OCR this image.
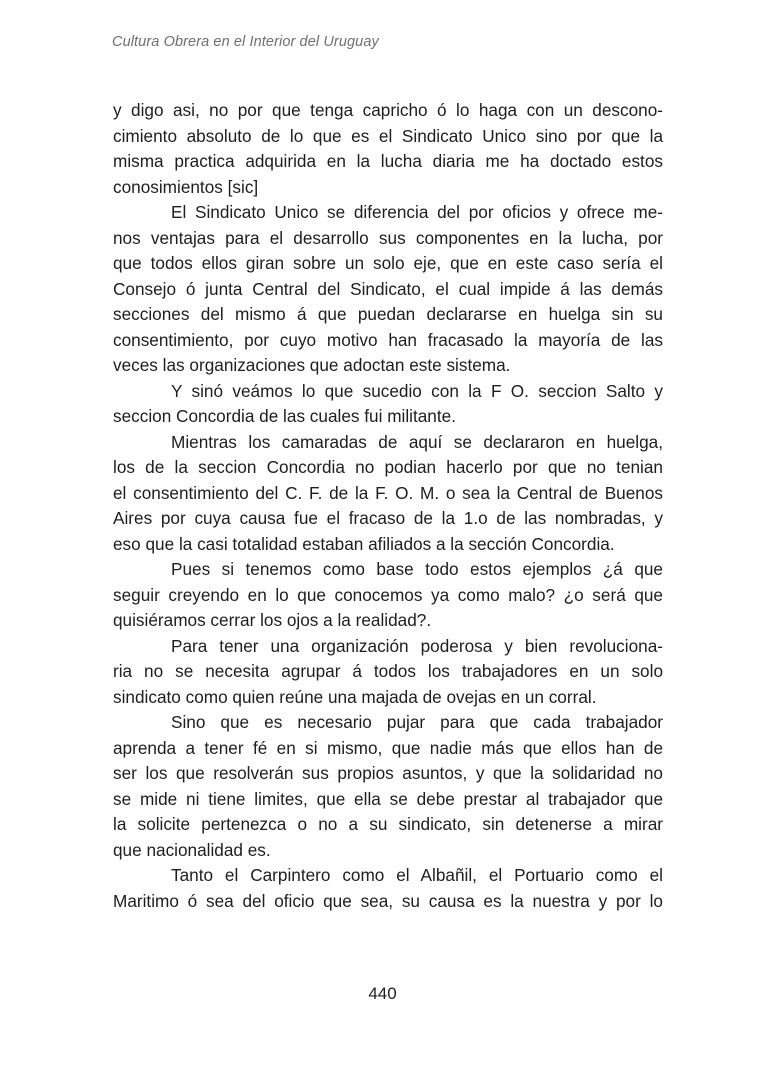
Cultura Obrera en el Interior del Uruguay
y digo asi, no por que tenga capricho ó lo haga con un descono-
cimiento absoluto de lo que es el Sindicato Unico sino por que la
misma practica adquirida en la lucha diaria me ha doctado estos
conosimientos [sic]
El Sindicato Unico se diferencia del por oficios y ofrece me-
nos ventajas para el desarrollo sus componentes en la lucha, por
que todos ellos giran sobre un solo eje, que en este caso sería el
Consejo ó junta Central del Sindicato, el cual impide á las demás
secciones del mismo á que puedan declararse en huelga sin su
consentimiento, por cuyo motivo han fracasado la mayoría de las
veces las organizaciones que adoctan este sistema.
Y sinó veámos lo que sucedio con la F O. seccion Salto y
seccion Concordia de las cuales fui militante.
Mientras los camaradas de aquí se declararon en huelga,
los de la seccion Concordia no podian hacerlo por que no tenian
el consentimiento del C. F. de la F. O. M. o sea la Central de Buenos
Aires por cuya causa fue el fracaso de la 1.o de las nombradas, y
eso que la casi totalidad estaban afiliados a la sección Concordia.
Pues si tenemos como base todo estos ejemplos ¿á que
seguir creyendo en lo que conocemos ya como malo? ¿o será que
quisiéramos cerrar los ojos a la realidad?.
Para tener una organización poderosa y bien revoluciona-
ria no se necesita agrupar á todos los trabajadores en un solo
sindicato como quien reúne una majada de ovejas en un corral.
Sino que es necesario pujar para que cada trabajador
aprenda a tener fé en si mismo, que nadie más que ellos han de
ser los que resolverán sus propios asuntos, y que la solidaridad no
se mide ni tiene limites, que ella se debe prestar al trabajador que
la solicite pertenezca o no a su sindicato, sin detenerse a mirar
que nacionalidad es.
Tanto el Carpintero como el Albañil, el Portuario como el
Maritimo ó sea del oficio que sea, su causa es la nuestra y por lo
440
